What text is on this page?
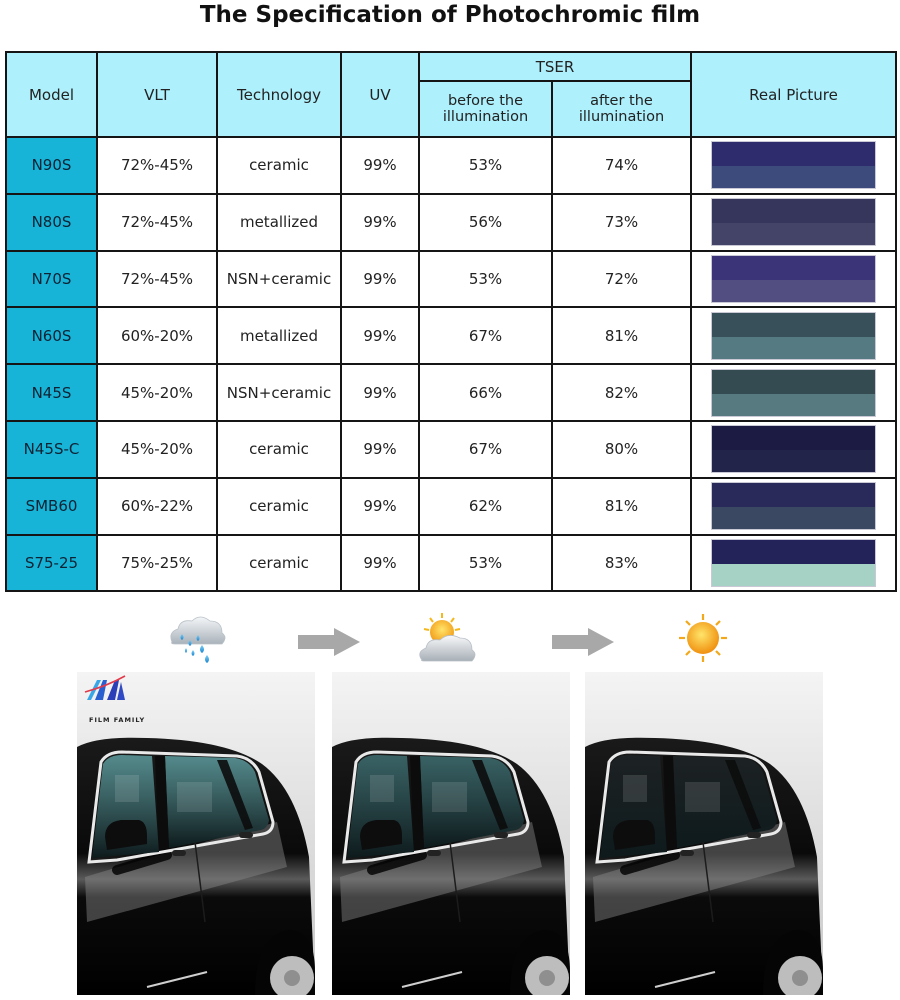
The Specification of Photochromic film
Model	VLT	Technology	UV	TSER		Real Picture
				before the illumination	after the illumination	
N90S	72%-45%	ceramic	99%	53%	74%	

N80S	72%-45%	metallized	99%	56%	73%	

N70S	72%-45%	NSN+ceramic	99%	53%	72%	

N60S	60%-20%	metallized	99%	67%	81%	

N45S	45%-20%	NSN+ceramic	99%	66%	82%	

N45S-C	45%-20%	ceramic	99%	67%	80%	

SMB60	60%-22%	ceramic	99%	62%	81%	

S75-25	75%-25%	ceramic	99%	53%	83%	
FILM FAMILY
